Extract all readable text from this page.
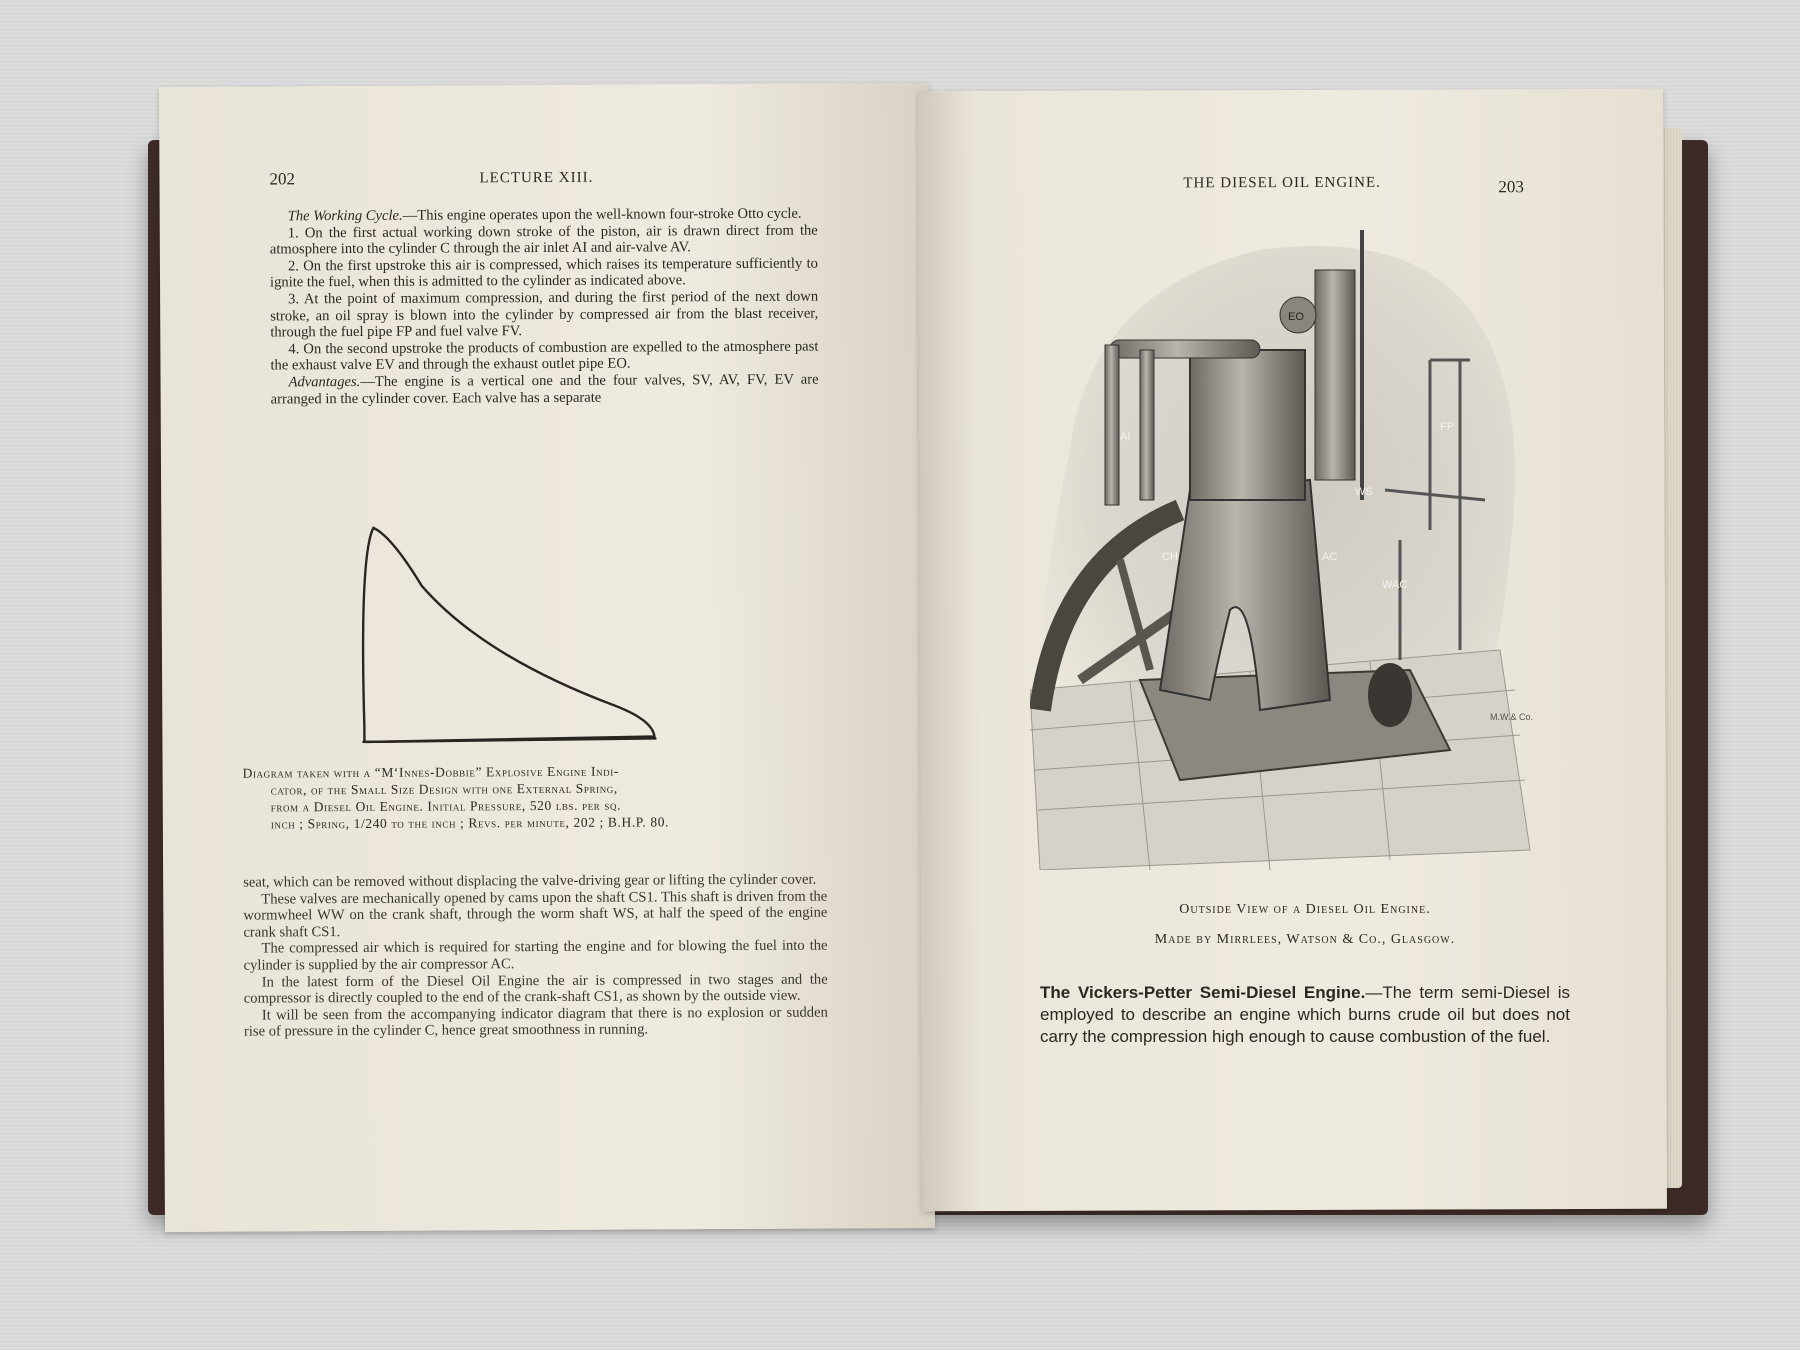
202	LECTURE XIII.

The Working Cycle.—This engine operates upon the well-known four-stroke Otto cycle.

1. On the first actual working down stroke of the piston, air is drawn direct from the atmosphere into the cylinder C through the air inlet AI and air-valve AV.

2. On the first upstroke this air is compressed, which raises its temperature sufficiently to ignite the fuel, when this is admitted to the cylinder as indicated above.

3. At the point of maximum compression, and during the first period of the next down stroke, an oil spray is blown into the cylinder by compressed air from the blast receiver, through the fuel pipe FP and fuel valve FV.

4. On the second upstroke the products of combustion are expelled to the atmosphere past the exhaust valve EV and through the exhaust outlet pipe EO.

Advantages.—The engine is a vertical one and the four valves, SV, AV, FV, EV are arranged in the cylinder cover. Each valve has a separate

Diagram taken with a “M‘Innes-Dobbie” Explosive Engine Indi-
cator, of the Small Size Design with one External Spring,
from a Diesel Oil Engine. Initial Pressure, 520 lbs. per sq.
inch ; Spring, 1/240 to the inch ; Revs. per minute, 202 ; B.H.P. 80.

seat, which can be removed without displacing the valve-driving gear or lifting the cylinder cover.

These valves are mechanically opened by cams upon the shaft CS1. This shaft is driven from the wormwheel WW on the crank shaft, through the worm shaft WS, at half the speed of the engine crank shaft CS1.

The compressed air which is required for starting the engine and for blowing the fuel into the cylinder is supplied by the air compressor AC.

In the latest form of the Diesel Oil Engine the air is compressed in two stages and the compressor is directly coupled to the end of the crank-shaft CS1, as shown by the outside view.

It will be seen from the accompanying indicator diagram that there is no explosion or sudden rise of pressure in the cylinder C, hence great smoothness in running.

THE DIESEL OIL ENGINE.	203
EO
AI
CH	AC
WAC
FP
WS
M.W.& Co.
Outside View of a Diesel Oil Engine.
Made by Mirrlees, Watson & Co., Glasgow.
The Vickers-Petter Semi-Diesel Engine.—The term semi-Diesel is employed to describe an engine which burns crude oil but does not carry the compression high enough to cause combustion of the fuel.
